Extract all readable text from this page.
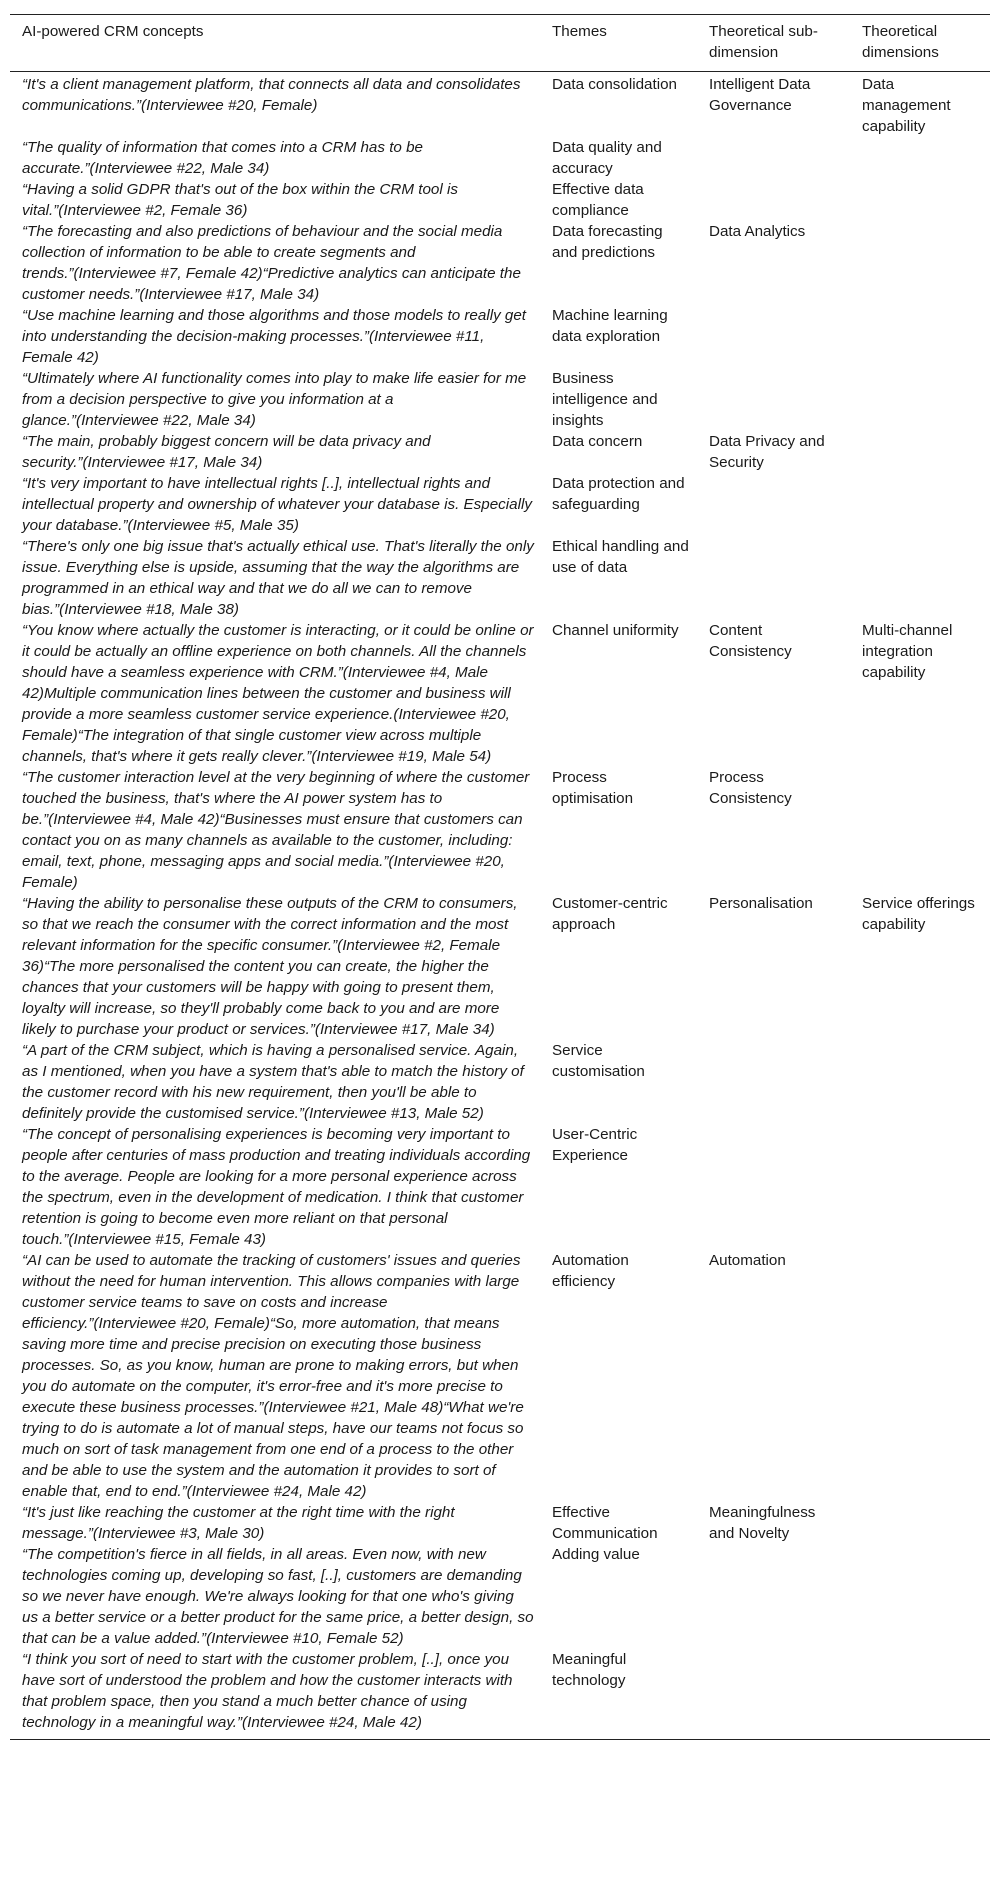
AI-powered CRM concepts	Themes	Theoretical sub-dimension	Theoretical dimensions
“It's a client management platform, that connects all data and consolidates communications.”(Interviewee #20, Female)	Data consolidation	Intelligent Data Governance	Data management capability
“The quality of information that comes into a CRM has to be accurate.”(Interviewee #22, Male 34)	Data quality and accuracy		
“Having a solid GDPR that's out of the box within the CRM tool is vital.”(Interviewee #2, Female 36)	Effective data compliance		
“The forecasting and also predictions of behaviour and the social media collection of information to be able to create segments and trends.”(Interviewee #7, Female 42)“Predictive analytics can anticipate the customer needs.”(Interviewee #17, Male 34)	Data forecasting and predictions	Data Analytics	
“Use machine learning and those algorithms and those models to really get into understanding the decision-making processes.”(Interviewee #11, Female 42)	Machine learning data exploration		
“Ultimately where AI functionality comes into play to make life easier for me from a decision perspective to give you information at a glance.”(Interviewee #22, Male 34)	Business intelligence and insights		
“The main, probably biggest concern will be data privacy and security.”(Interviewee #17, Male 34)	Data concern	Data Privacy and Security	
“It's very important to have intellectual rights [..], intellectual rights and intellectual property and ownership of whatever your database is. Especially your database.”(Interviewee #5, Male 35)	Data protection and safeguarding		
“There's only one big issue that's actually ethical use. That's literally the only issue. Everything else is upside, assuming that the way the algorithms are programmed in an ethical way and that we do all we can to remove bias.”(Interviewee #18, Male 38)	Ethical handling and use of data		
“You know where actually the customer is interacting, or it could be online or it could be actually an offline experience on both channels. All the channels should have a seamless experience with CRM.”(Interviewee #4, Male 42)Multiple communication lines between the customer and business will provide a more seamless customer service experience.(Interviewee #20, Female)“The integration of that single customer view across multiple channels, that's where it gets really clever.”(Interviewee #19, Male 54)	Channel uniformity	Content Consistency	Multi-channel integration capability
“The customer interaction level at the very beginning of where the customer touched the business, that's where the AI power system has to be.”(Interviewee #4, Male 42)“Businesses must ensure that customers can contact you on as many channels as available to the customer, including: email, text, phone, messaging apps and social media.”(Interviewee #20, Female)	Process optimisation	Process Consistency	
“Having the ability to personalise these outputs of the CRM to consumers, so that we reach the consumer with the correct information and the most relevant information for the specific consumer.”(Interviewee #2, Female 36)“The more personalised the content you can create, the higher the chances that your customers will be happy with going to present them, loyalty will increase, so they'll probably come back to you and are more likely to purchase your product or services.”(Interviewee #17, Male 34)	Customer-centric approach	Personalisation	Service offerings capability
“A part of the CRM subject, which is having a personalised service. Again, as I mentioned, when you have a system that's able to match the history of the customer record with his new requirement, then you'll be able to definitely provide the customised service.”(Interviewee #13, Male 52)	Service customisation		
“The concept of personalising experiences is becoming very important to people after centuries of mass production and treating individuals according to the average. People are looking for a more personal experience across the spectrum, even in the development of medication. I think that customer retention is going to become even more reliant on that personal touch.”(Interviewee #15, Female 43)	User-Centric Experience		
“AI can be used to automate the tracking of customers' issues and queries without the need for human intervention. This allows companies with large customer service teams to save on costs and increase efficiency.”(Interviewee #20, Female)“So, more automation, that means saving more time and precise precision on executing those business processes. So, as you know, human are prone to making errors, but when you do automate on the computer, it's error-free and it's more precise to execute these business processes.”(Interviewee #21, Male 48)“What we're trying to do is automate a lot of manual steps, have our teams not focus so much on sort of task management from one end of a process to the other and be able to use the system and the automation it provides to sort of enable that, end to end.”(Interviewee #24, Male 42)	Automation efficiency	Automation	
“It's just like reaching the customer at the right time with the right message.”(Interviewee #3, Male 30)	Effective Communication	Meaningfulness and Novelty	
“The competition's fierce in all fields, in all areas. Even now, with new technologies coming up, developing so fast, [..], customers are demanding so we never have enough. We're always looking for that one who's giving us a better service or a better product for the same price, a better design, so that can be a value added.”(Interviewee #10, Female 52)	Adding value		
“I think you sort of need to start with the customer problem, [..], once you have sort of understood the problem and how the customer interacts with that problem space, then you stand a much better chance of using technology in a meaningful way.”(Interviewee #24, Male 42)	Meaningful technology		
